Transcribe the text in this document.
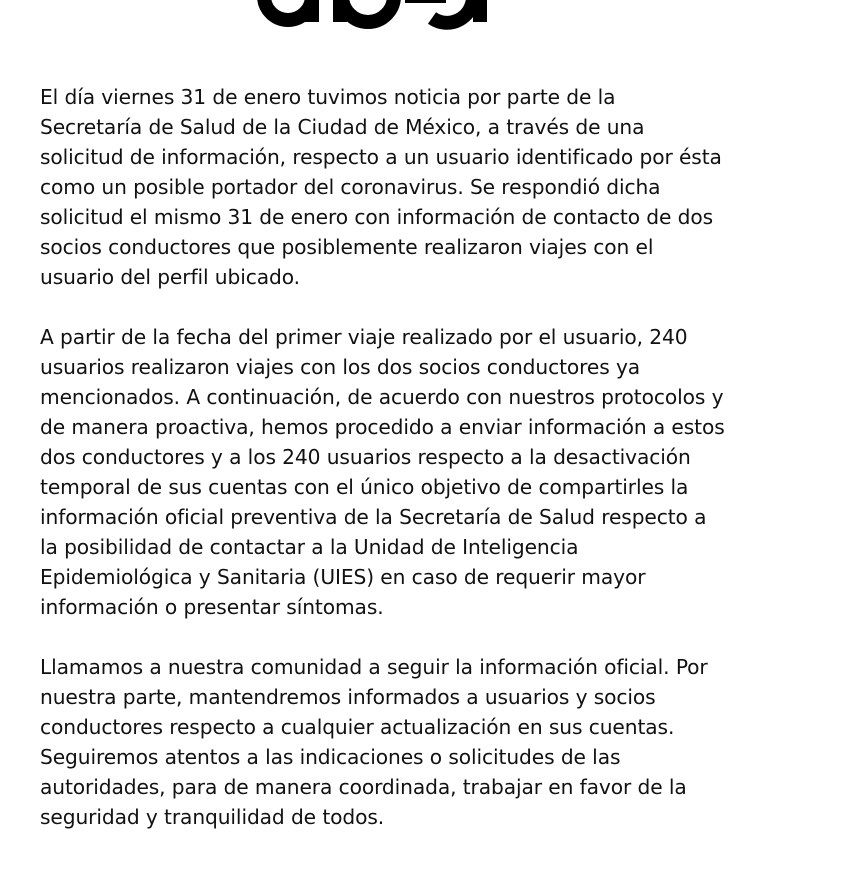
El día viernes 31 de enero tuvimos noticia por parte de la
Secretaría de Salud de la Ciudad de México, a través de una
solicitud de información, respecto a un usuario identificado por ésta
como un posible portador del coronavirus. Se respondió dicha
solicitud el mismo 31 de enero con información de contacto de dos
socios conductores que posiblemente realizaron viajes con el
usuario del perfil ubicado.

A partir de la fecha del primer viaje realizado por el usuario, 240
usuarios realizaron viajes con los dos socios conductores ya
mencionados. A continuación, de acuerdo con nuestros protocolos y
de manera proactiva, hemos procedido a enviar información a estos
dos conductores y a los 240 usuarios respecto a la desactivación
temporal de sus cuentas con el único objetivo de compartirles la
información oficial preventiva de la Secretaría de Salud respecto a
la posibilidad de contactar a la Unidad de Inteligencia
Epidemiológica y Sanitaria (UIES) en caso de requerir mayor
información o presentar síntomas.

Llamamos a nuestra comunidad a seguir la información oficial. Por
nuestra parte, mantendremos informados a usuarios y socios
conductores respecto a cualquier actualización en sus cuentas.
Seguiremos atentos a las indicaciones o solicitudes de las
autoridades, para de manera coordinada, trabajar en favor de la
seguridad y tranquilidad de todos.
